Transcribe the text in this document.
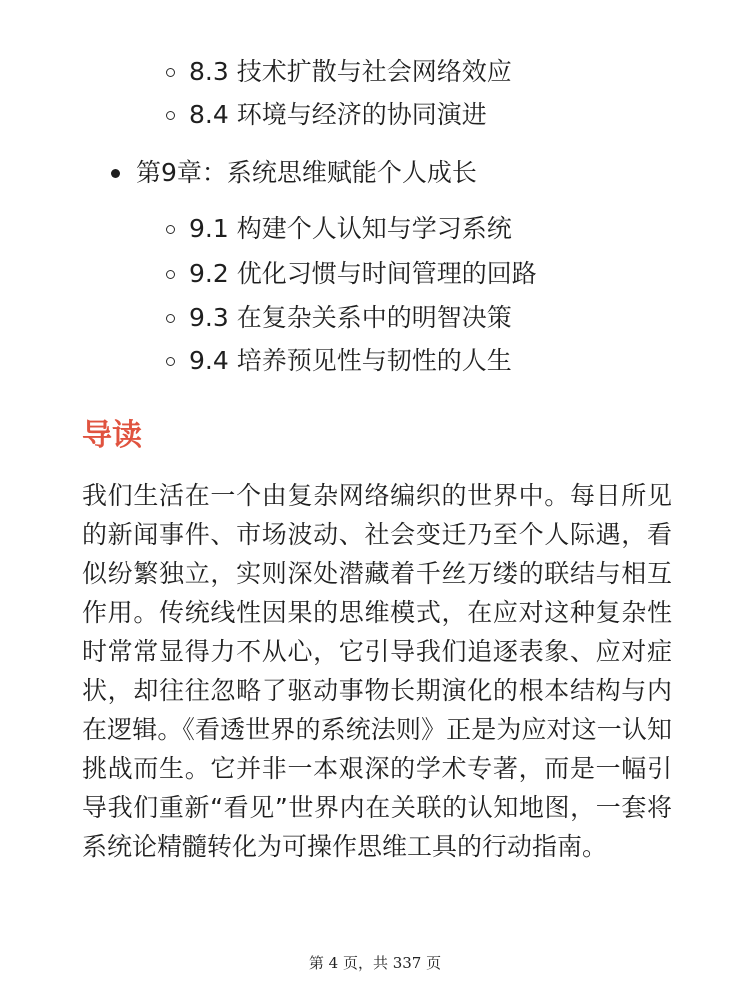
8.3 技术扩散与社会网络效应
8.4 环境与经济的协同演进
第9章：系统思维赋能个人成长
9.1 构建个人认知与学习系统
9.2 优化习惯与时间管理的回路
9.3 在复杂关系中的明智决策
9.4 培养预见性与韧性的人生
导读

我们生活在一个由复杂网络编织的世界中。每日所见的新闻事件、市场波动、社会变迁乃至个人际遇，看似纷繁独立，实则深处潜藏着千丝万缕的联结与相互作用。传统线性因果的思维模式，在应对这种复杂性时常常显得力不从心，它引导我们追逐表象、应对症状，却往往忽略了驱动事物长期演化的根本结构与内在逻辑。《看透世界的系统法则》正是为应对这一认知挑战而生。它并非一本艰深的学术专著，而是一幅引导我们重新“看见”世界内在关联的认知地图，一套将系统论精髓转化为可操作思维工具的行动指南。

第 4 页，共 337 页
